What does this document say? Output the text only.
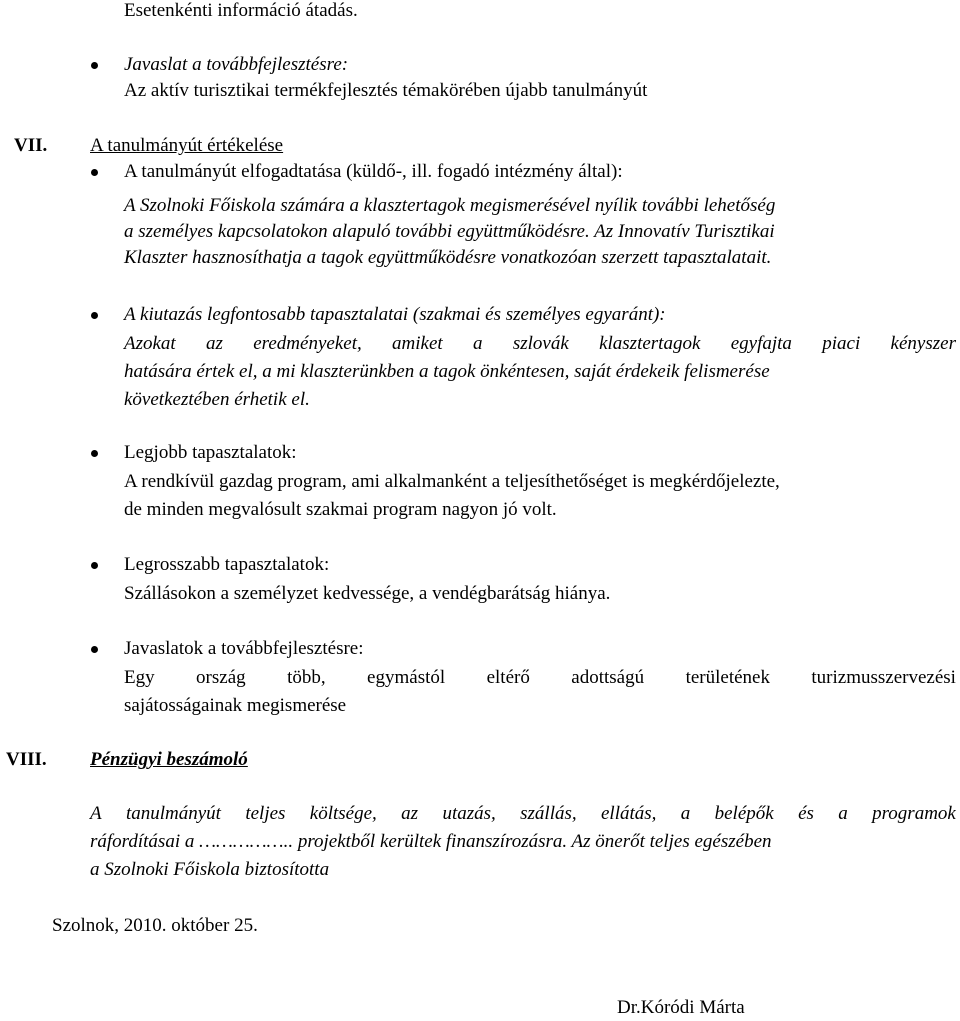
Esetenkénti információ átadás.
Javaslat a továbbfejlesztésre:
Az aktív turisztikai termékfejlesztés témakörében újabb tanulmányút
VII. A tanulmányút értékelése
A tanulmányút elfogadtatása (küldő-, ill. fogadó intézmény által):
A Szolnoki Főiskola számára a klasztertagok megismerésével nyílik további lehetőség
a személyes kapcsolatokon alapuló további együttműködésre. Az Innovatív Turisztikai
Klaszter hasznosíthatja a tagok együttműködésre vonatkozóan szerzett tapasztalatait.
A kiutazás legfontosabb tapasztalatai (szakmai és személyes egyaránt):
Azokat az eredményeket, amiket a szlovák klasztertagok egyfajta piaci kényszer
hatására értek el, a mi klaszterünkben a tagok önkéntesen, saját érdekeik felismerése
következtében érhetik el.
Legjobb tapasztalatok:
A rendkívül gazdag program, ami alkalmanként a teljesíthetőséget is megkérdőjelezte,
de minden megvalósult szakmai program nagyon jó volt.
Legrosszabb tapasztalatok:
Szállásokon a személyzet kedvessége, a vendégbarátság hiánya.
Javaslatok a továbbfejlesztésre:
Egy ország több, egymástól eltérő adottságú területének turizmusszervezési
sajátosságainak megismerése
VIII. Pénzügyi beszámoló
A tanulmányút teljes költsége, az utazás, szállás, ellátás, a belépők és a programok
ráfordításai a …………….. projektből kerültek finanszírozásra. Az önerőt teljes egészében
a Szolnoki Főiskola biztosította
Szolnok, 2010. október 25.
Dr.Kóródi Márta
